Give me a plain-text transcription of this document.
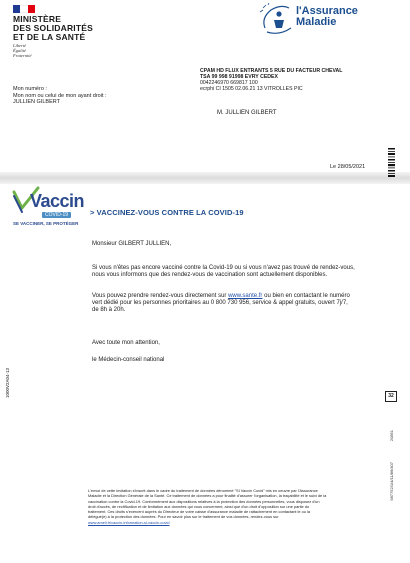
MINISTÈRE
DES SOLIDARITÉS
ET DE LA SANTÉ
Liberté
Égalité
Fraternité
l'Assurance
Maladie
Mon numéro :
Mon nom ou celui de mon ayant droit :
JULLIEN GILBERT
CPAM HD FLUX ENTRANTS 5 RUE DU FACTEUR CHEVAL
TSA 99 998 91998 EVRY CEDEX
0042246970 669817 100
ecrphi CI 1505 02.06.21 13 VITROLLES PIC
M. JULLIEN GILBERT
Le 28/05/2021
Vaccin
COVID-19
SE VACCINER, SE PROTÉGER
> VACCINEZ-VOUS CONTRE LA COVID-19
Monsieur GILBERT JULLIEN,
Si vous n'êtes pas encore vacciné contre la Covid-19 ou si vous n'avez pas trouvé de rendez-vous,
nous vous informons que des rendez-vous de vaccination sont actuellement disponibles.
Vous pouvez prendre rendez-vous directement sur www.sante.fr ou bien en contactant le numéro
vert dédié pour les personnes prioritaires au 0 800 730 956, service & appel gratuits, ouvert 7j/7,
de 8h à 20h.
Avec toute mon attention,
le Médecin-conseil national
1000V2A04-13	32
20851
987752/1/4/11/86/407
L'envoi de cette invitation s'inscrit dans le cadre du traitement de données dénommé "SI Vaccin Covid" mis en oeuvre par l'Assurance
Maladie et la Direction Générale de la Santé. Ce traitement de données a pour finalité d'assurer l'organisation, la traçabilité et le suivi de la
vaccination contre la Covid-19. Conformément aux dispositions relatives à la protection des données personnelles, vous disposez d'un
droit d'accès, de rectification et de limitation aux données qui vous concernent, ainsi que d'un droit d'opposition sur une partie du
traitement. Ces droits s'exercent auprès du Directeur de votre caisse d'assurance maladie de rattachement en contactant le ou la
délégué(e) à la protection des données. Pour en savoir plus sur le traitement de vos données, rendez-vous sur
www.ameli.fr/vaccin-information-si-vaccin-covid
